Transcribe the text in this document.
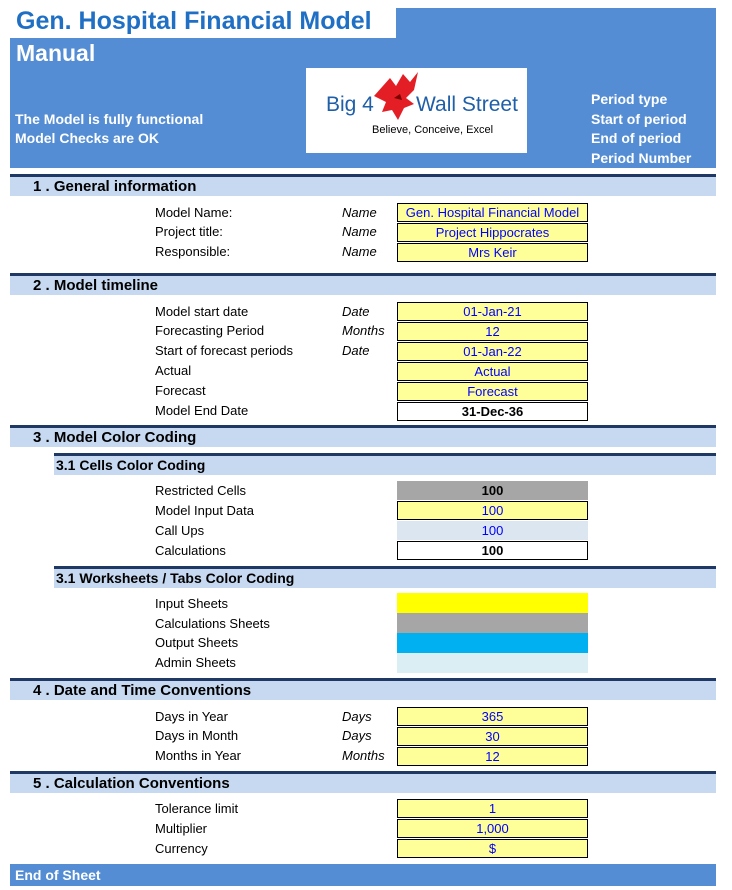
Gen. Hospital Financial Model
Manual
The Model is fully functional
Model Checks are OK
Big 4 Wall Street
Believe, Conceive, Excel
Period type
Start of period
End of period
Period Number
1 . General information
Model Name:	Name	Gen. Hospital Financial Model
Project title:	Name	Project Hippocrates
Responsible:	Name	Mrs Keir
2 . Model timeline
Model start date	Date	01-Jan-21
Forecasting Period	Months	12
Start of forecast periods	Date	01-Jan-22
Actual	Actual
Forecast	Forecast
Model End Date	31-Dec-36
3 . Model Color Coding
3.1 Cells Color Coding
Restricted Cells	100
Model Input Data	100
Call Ups	100
Calculations	100
3.1 Worksheets / Tabs Color Coding
Input Sheets
Calculations Sheets
Output Sheets
Admin Sheets
4 . Date and Time Conventions
Days in Year	Days	365
Days in Month	Days	30
Months in Year	Months	12
5 . Calculation Conventions
Tolerance limit	1
Multiplier	1,000
Currency	$
End of Sheet
